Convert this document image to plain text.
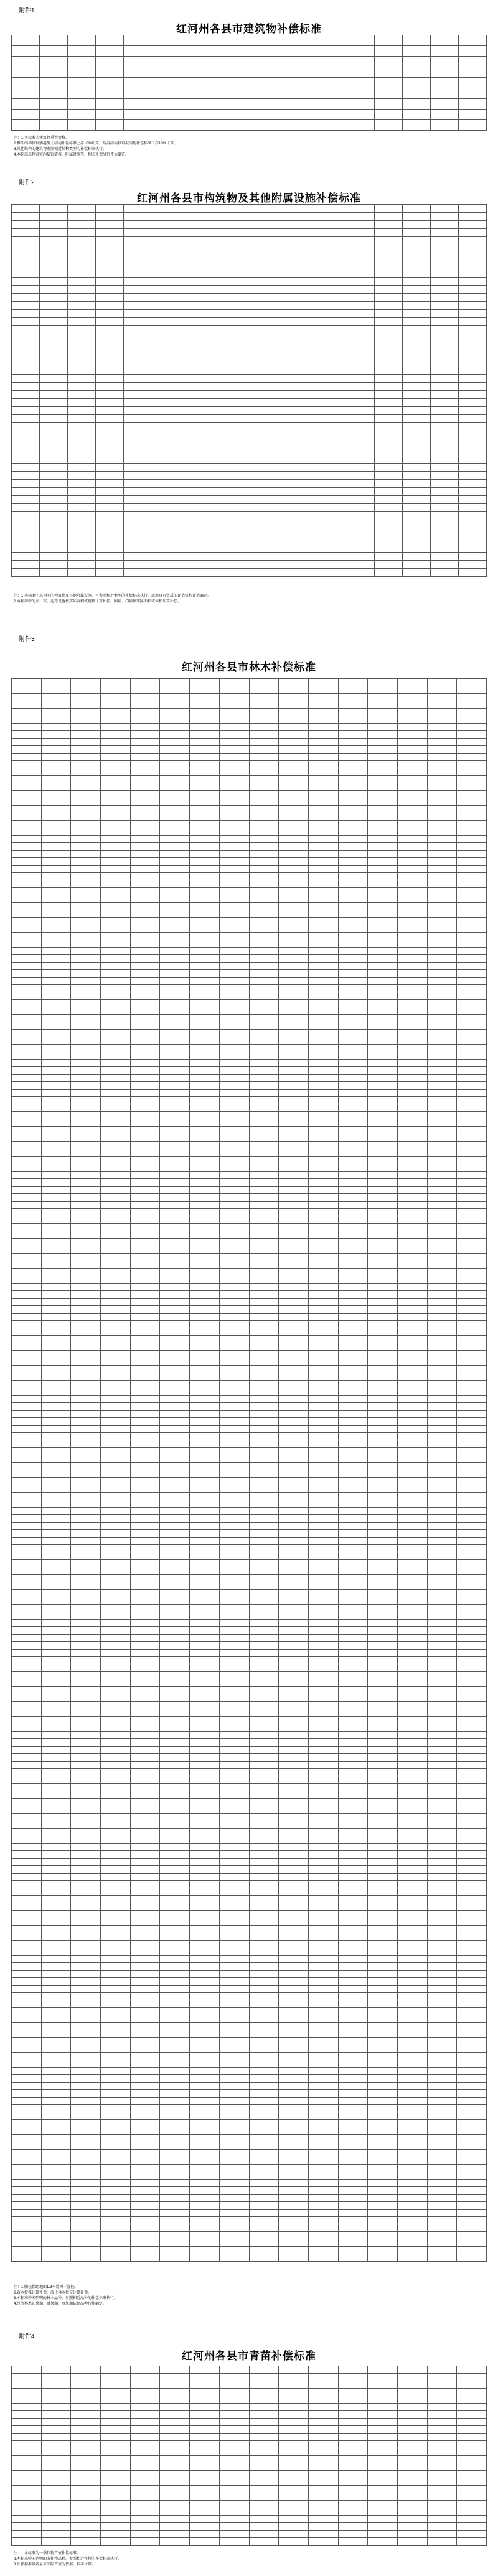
附件1
红河州各县市建筑物补偿标准

注：1.本标准为建筑物重置价格。
2.框架结构按钢筋混凝土结构补偿标准上浮10%计算，砖混结构按钢混结构补偿标准下浮10%计算。
3.其他结构的建筑物参照相近结构类型的补偿标准执行。
4.本标准未包含室内装饰装修、附属设施等，相关补偿另行评估确定。
附件2
红河州各县市构筑物及其他附属设施补偿标准

注：1.本标准中未列明的构筑物及其他附属设施，可参照相近类型的补偿标准执行，或由具有资质的评估机构评估确定。
2.本标准中的井、窖、池等设施按实际容积或规格计算补偿，围墙、挡墙按实际面积或体积计算补偿。
附件3
红河州各县市林木补偿标准

注：1.胸径指距地面1.3米处树干直径。
2.苗木按株计算补偿，成片林木按亩计算补偿。
3.本标准中未列明的林木品种，参照相近品种的补偿标准执行。
4.经济林木初果期、盛果期、衰果期依据品种特性确定。
附件4
红河州各县市青苗补偿标准

注：1.本标准为一季作物产值补偿标准。
2.本标准中未列明的农作物品种，参照相近作物的补偿标准执行。
3.补偿标准以各县市实际产值为依据，按季计算。
